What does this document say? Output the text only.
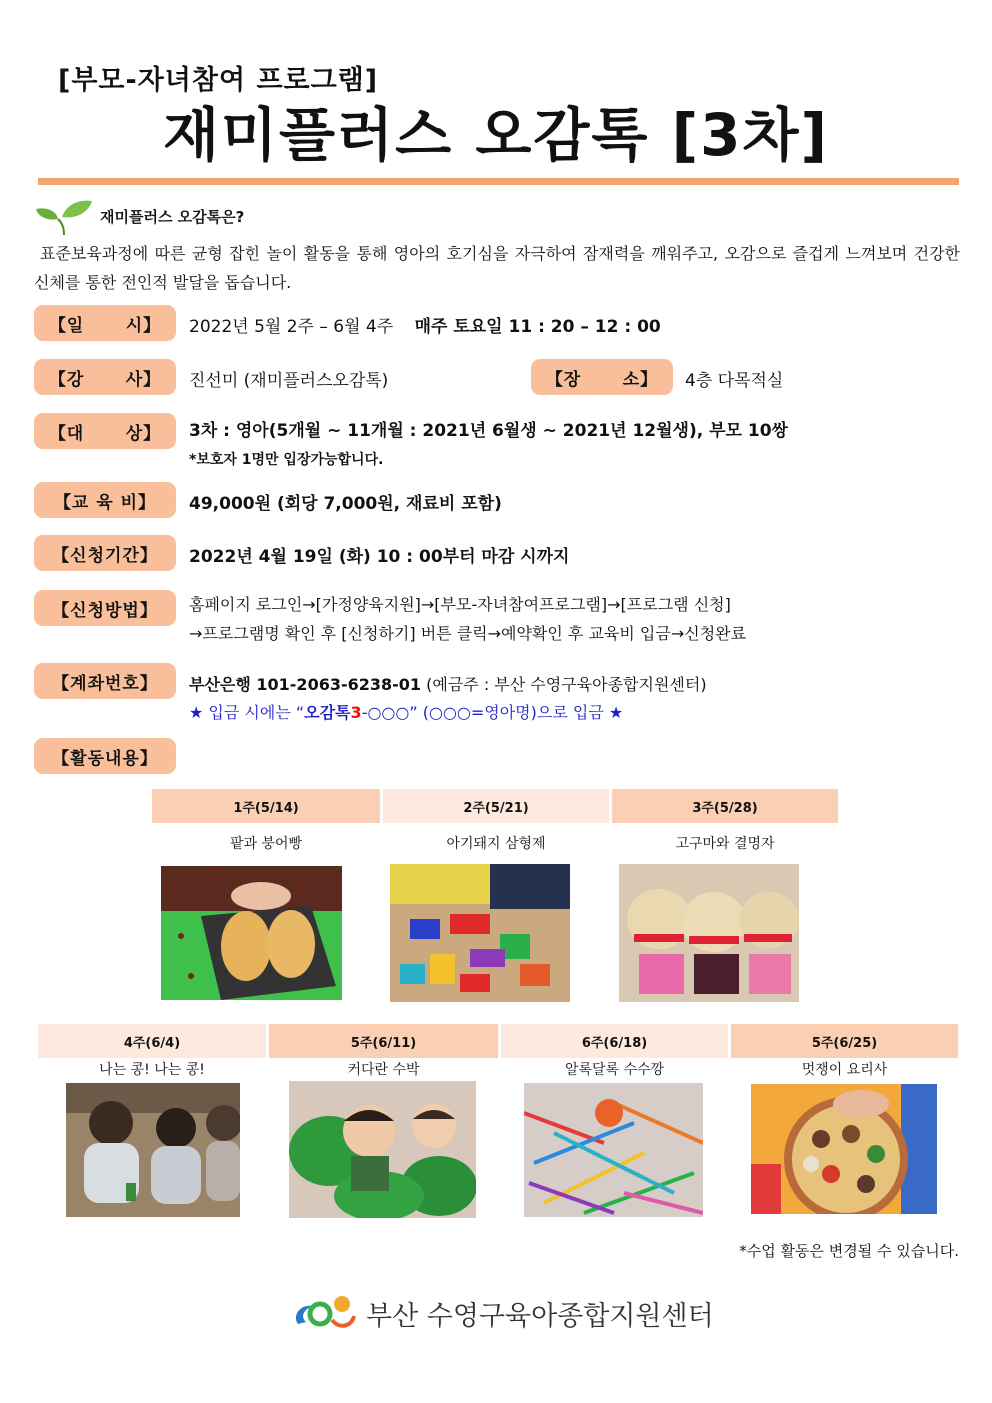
[부모-자녀참여 프로그램]
재미플러스 오감톡 [3차]
재미플러스 오감톡은?
표준보육과정에 따른 균형 잡힌 놀이 활동을 통해 영아의 호기심을 자극하여 잠재력을 깨워주고, 오감으로 즐겁게 느껴보며 건강한 신체를 통한 전인적 발달을 돕습니다.
【일      시】	2022년 5월 2주 – 6월 4주 매주 토요일 11 : 20 – 12 : 00
【강      사】	진선미 (재미플러스오감톡)	【장      소】	4층 다목적실
【대      상】	3차 : 영아(5개월 ~ 11개월 : 2021년 6월생 ~ 2021년 12월생), 부모 10쌍
*보호자 1명만 입장가능합니다.
【교 육 비】	49,000원 (회당 7,000원, 재료비 포함)
【신청기간】	2022년 4월 19일 (화) 10 : 00부터 마감 시까지
【신청방법】	홈페이지 로그인→[가정양육지원]→[부모-자녀참여프로그램]→[프로그램 신청]
→프로그램명 확인 후 [신청하기] 버튼 클릭→예약확인 후 교육비 입금→신청완료
【계좌번호】	부산은행 101-2063-6238-01 (예금주 : 부산 수영구육아종합지원센터)
★ 입금 시에는 “오감톡3-○○○” (○○○=영아명)으로 입금 ★
【활동내용】
1주(5/14)	2주(5/21)	3주(5/28)
팥과 붕어빵	아기돼지 삼형제	고구마와 결명자
4주(6/4)	5주(6/11)	6주(6/18)	5주(6/25)
나는 콩! 나는 콩!	커다란 수박	알록달록 수수깡	멋쟁이 요리사
*수업 활동은 변경될 수 있습니다.
부산 수영구육아종합지원센터
